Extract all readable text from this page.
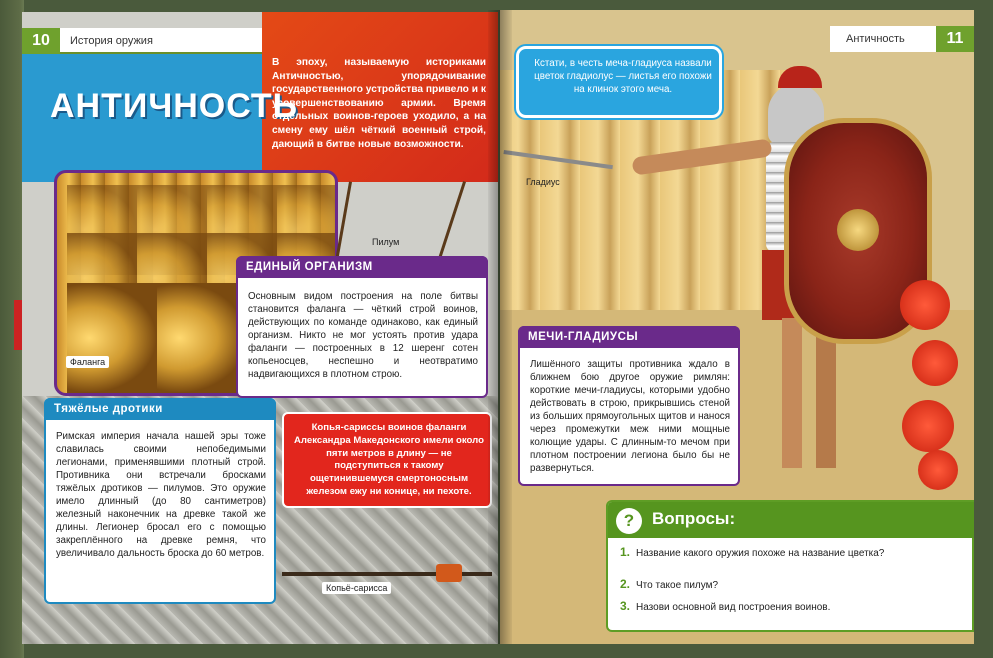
10	История оружия
АНТИЧНОСТЬ
В эпоху, называемую историками Античностью, упорядочивание государственного устройства привело и к усовершенствованию армии. Время отдельных воинов-героев уходило, а на смену ему шёл чёткий военный строй, дающий в битве новые возможности.
Фаланга
Пилум
ЕДИНЫЙ ОРГАНИЗМ
Основным видом построения на поле битвы становится фаланга — чёткий строй воинов, действующих по команде одинаково, как единый организм. Никто не мог устоять против удара фаланги — построенных в 12 шеренг сотен копьеносцев, неспешно и неотвратимо надвигающихся в плотном строю.
Тяжёлые дротики
Римская империя начала нашей эры тоже славилась своими непобедимыми легионами, применявшими плотный строй. Противника они встречали бросками тяжёлых дротиков — пилумов. Это оружие имело длинный (до 80 сантиметров) железный наконечник на древке такой же длины. Легионер бросал его с помощью закреплённого на древке ремня, что увеличивало дальность броска до 60 метров.
Копья-сариссы воинов фаланги Александра Македонского имели около пяти метров в длину — не подступиться к такому ощетинившемуся смертоносным железом ежу ни конице, ни пехоте.
Копьё-сарисса
Античность	11
Кстати, в честь меча-гладиуса назвали цветок гладиолус — листья его похожи на клинок этого меча.
Гладиус
МЕЧИ-ГЛАДИУСЫ
Лишённого защиты противника ждало в ближнем бою другое оружие римлян: короткие мечи-гладиусы, которыми удобно действовать в строю, прикрывшись стеной из больших прямоугольных щитов и нанося через промежутки меж ними мощные колющие удары. С длинным-то мечом при плотном построении легиона было бы не развернуться.
?	Вопросы:
1. Название какого оружия похоже на название цветка?
2. Что такое пилум?
3. Назови основной вид построения воинов.
